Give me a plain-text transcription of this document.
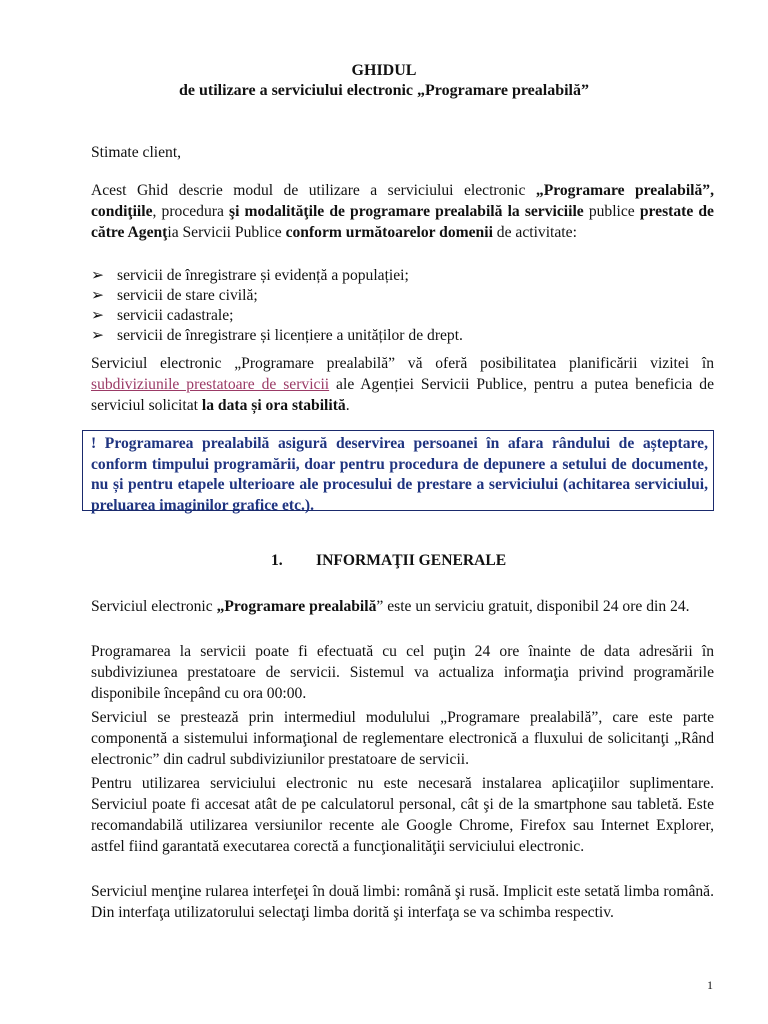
GHIDUL
de utilizare a serviciului electronic „Programare prealabilă”
Stimate client,
Acest Ghid descrie modul de utilizare a serviciului electronic „Programare prealabilă”, condiţiile, procedura şi modalităţile de programare prealabilă la serviciile publice prestate de către Agenţia Servicii Publice conform următoarelor domenii de activitate:
➢ servicii de înregistrare și evidență a populației;
➢ servicii de stare civilă;
➢ servicii cadastrale;
➢ servicii de înregistrare și licențiere a unităților de drept.
Serviciul electronic „Programare prealabilă” vă oferă posibilitatea planificării vizitei în subdiviziunile prestatoare de servicii ale Agenției Servicii Publice, pentru a putea beneficia de serviciul solicitat la data și ora stabilită.
! Programarea prealabilă asigură deservirea persoanei în afara rândului de așteptare, conform timpului programării, doar pentru procedura de depunere a setului de documente, nu și pentru etapele ulterioare ale procesului de prestare a serviciului (achitarea serviciului, preluarea imaginilor grafice etc.).
1. INFORMAŢII GENERALE
Serviciul electronic „Programare prealabilă” este un serviciu gratuit, disponibil 24 ore din 24.
Programarea la servicii poate fi efectuată cu cel puţin 24 ore înainte de data adresării în subdiviziunea prestatoare de servicii. Sistemul va actualiza informaţia privind programările disponibile începând cu ora 00:00.
Serviciul se prestează prin intermediul modulului „Programare prealabilă”, care este parte componentă a sistemului informaţional de reglementare electronică a fluxului de solicitanţi „Rând electronic” din cadrul subdiviziunilor prestatoare de servicii.
Pentru utilizarea serviciului electronic nu este necesară instalarea aplicaţiilor suplimentare. Serviciul poate fi accesat atât de pe calculatorul personal, cât şi de la smartphone sau tabletă. Este recomandabilă utilizarea versiunilor recente ale Google Chrome, Firefox sau Internet Explorer, astfel fiind garantată executarea corectă a funcţionalităţii serviciului electronic.
Serviciul menţine rularea interfeţei în două limbi: română şi rusă. Implicit este setată limba română. Din interfaţa utilizatorului selectaţi limba dorită şi interfaţa se va schimba respectiv.
1
